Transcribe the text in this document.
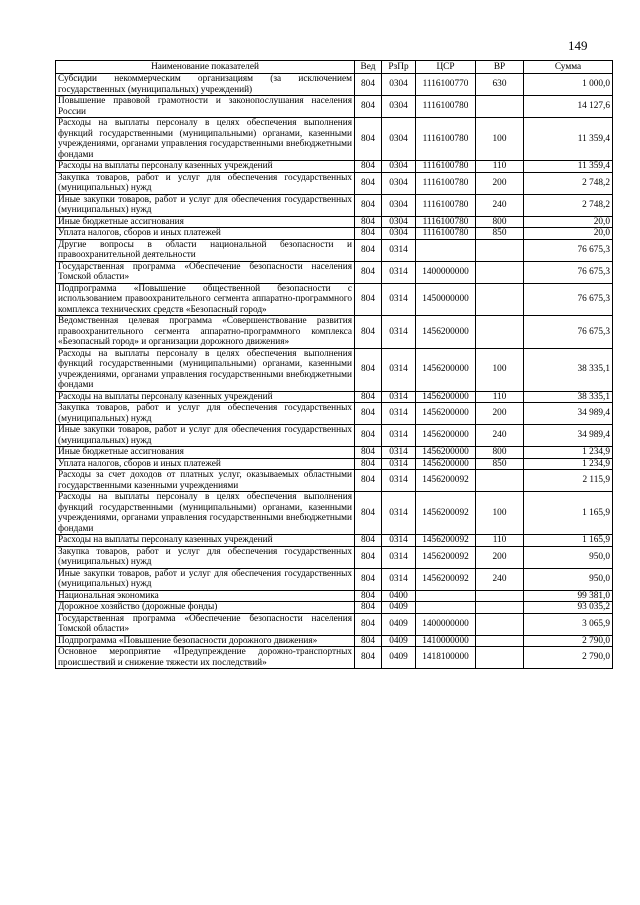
149
Наименование показателей	Вед	РзПр	ЦСР	ВР	Сумма
Субсидии некоммерческим организациям (за исключением государственных (муниципальных) учреждений)	804	0304	1116100770	630	1 000,0
Повышение правовой грамотности и законопослушания населения России	804	0304	1116100780		14 127,6
Расходы на выплаты персоналу в целях обеспечения выполнения функций государственными (муниципальными) органами, казенными учреждениями, органами управления государственными внебюджетными фондами	804	0304	1116100780	100	11 359,4
Расходы на выплаты персоналу казенных учреждений	804	0304	1116100780	110	11 359,4
Закупка товаров, работ и услуг для обеспечения государственных (муниципальных) нужд	804	0304	1116100780	200	2 748,2
Иные закупки товаров, работ и услуг для обеспечения государственных (муниципальных) нужд	804	0304	1116100780	240	2 748,2
Иные бюджетные ассигнования	804	0304	1116100780	800	20,0
Уплата налогов, сборов и иных платежей	804	0304	1116100780	850	20,0
Другие вопросы в области национальной безопасности и правоохранительной деятельности	804	0314			76 675,3
Государственная программа «Обеспечение безопасности населения Томской области»	804	0314	1400000000		76 675,3
Подпрограмма «Повышение общественной безопасности с использованием правоохранительного сегмента аппаратно-программного комплекса технических средств «Безопасный город»	804	0314	1450000000		76 675,3
Ведомственная целевая программа «Совершенствование развития правоохранительного сегмента аппаратно-программного комплекса «Безопасный город» и организации дорожного движения»	804	0314	1456200000		76 675,3
Расходы на выплаты персоналу в целях обеспечения выполнения функций государственными (муниципальными) органами, казенными учреждениями, органами управления государственными внебюджетными фондами	804	0314	1456200000	100	38 335,1
Расходы на выплаты персоналу казенных учреждений	804	0314	1456200000	110	38 335,1
Закупка товаров, работ и услуг для обеспечения государственных (муниципальных) нужд	804	0314	1456200000	200	34 989,4
Иные закупки товаров, работ и услуг для обеспечения государственных (муниципальных) нужд	804	0314	1456200000	240	34 989,4
Иные бюджетные ассигнования	804	0314	1456200000	800	1 234,9
Уплата налогов, сборов и иных платежей	804	0314	1456200000	850	1 234,9
Расходы за счет доходов от платных услуг, оказываемых областными государственными казенными учреждениями	804	0314	1456200092		2 115,9
Расходы на выплаты персоналу в целях обеспечения выполнения функций государственными (муниципальными) органами, казенными учреждениями, органами управления государственными внебюджетными фондами	804	0314	1456200092	100	1 165,9
Расходы на выплаты персоналу казенных учреждений	804	0314	1456200092	110	1 165,9
Закупка товаров, работ и услуг для обеспечения государственных (муниципальных) нужд	804	0314	1456200092	200	950,0
Иные закупки товаров, работ и услуг для обеспечения государственных (муниципальных) нужд	804	0314	1456200092	240	950,0
Национальная экономика	804	0400			99 381,0
Дорожное хозяйство (дорожные фонды)	804	0409			93 035,2
Государственная программа «Обеспечение безопасности населения Томской области»	804	0409	1400000000		3 065,9
Подпрограмма «Повышение безопасности дорожного движения»	804	0409	1410000000		2 790,0
Основное мероприятие «Предупреждение дорожно-транспортных происшествий и снижение тяжести их последствий»	804	0409	1418100000		2 790,0
